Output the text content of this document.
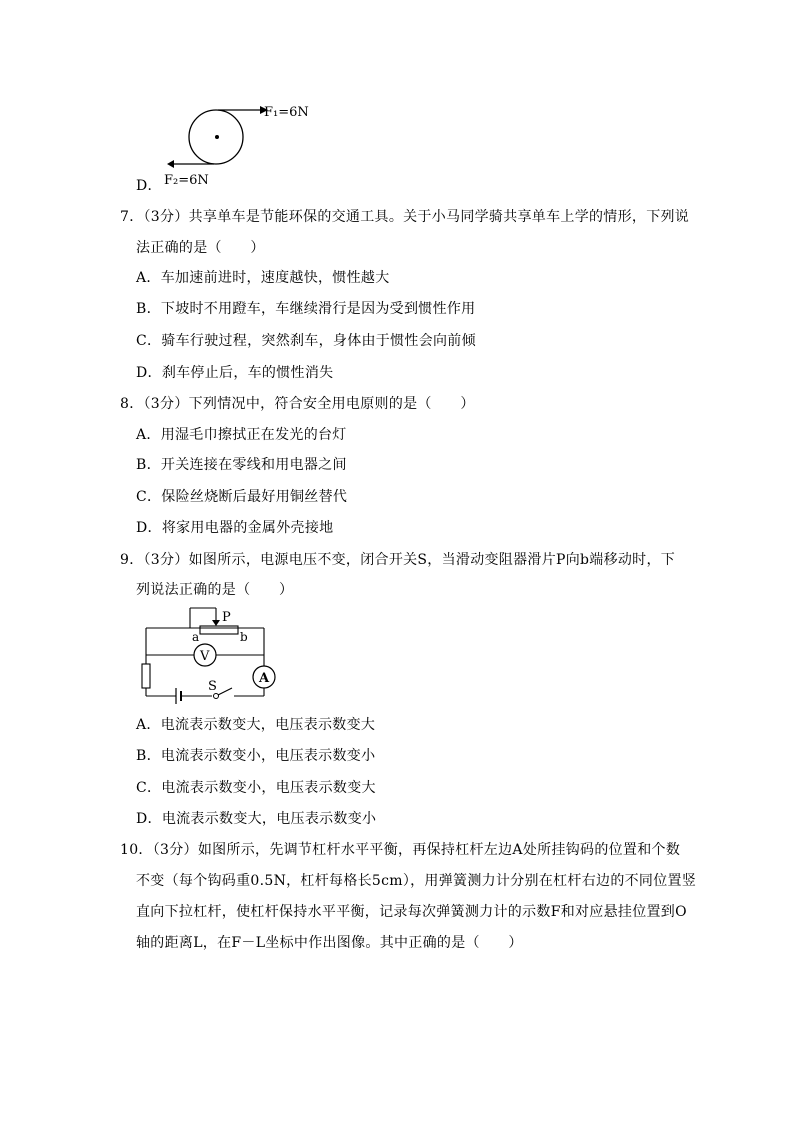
F₁=6N
F₂=6N
D．
7．（3分）共享单车是节能环保的交通工具。关于小马同学骑共享单车上学的情形，下列说
法正确的是（　　）
A．车加速前进时，速度越快，惯性越大
B．下坡时不用蹬车，车继续滑行是因为受到惯性作用
C．骑车行驶过程，突然刹车，身体由于惯性会向前倾
D．刹车停止后，车的惯性消失
8．（3分）下列情况中，符合安全用电原则的是（　　）
A．用湿毛巾擦拭正在发光的台灯
B．开关连接在零线和用电器之间
C．保险丝烧断后最好用铜丝替代
D．将家用电器的金属外壳接地
9．（3分）如图所示，电源电压不变，闭合开关S，当滑动变阻器滑片P向b端移动时，下
列说法正确的是（　　）
P
a	b
V
A
S
A．电流表示数变大，电压表示数变大
B．电流表示数变小，电压表示数变小
C．电流表示数变小，电压表示数变大
D．电流表示数变大，电压表示数变小
10．（3分）如图所示，先调节杠杆水平平衡，再保持杠杆左边A处所挂钩码的位置和个数
不变（每个钩码重0.5N，杠杆每格长5cm），用弹簧测力计分别在杠杆右边的不同位置竖
直向下拉杠杆，使杠杆保持水平平衡，记录每次弹簧测力计的示数F和对应悬挂位置到O
轴的距离L，在F－L坐标中作出图像。其中正确的是（　　）
